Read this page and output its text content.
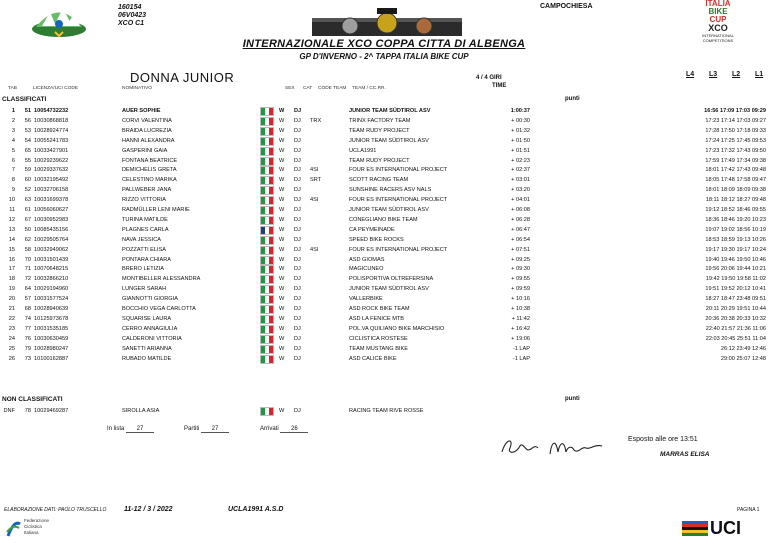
160154
06V0423
XCO C1
CAMPOCHIESA	ITALIA
BIKE
CUP
XCO
INTERNATIONAL
COMPETITIONS
INTERNAZIONALE XCO COPPA CITTA DI ALBENGA
GP D'INVERNO - 2^ TAPPA ITALIA BIKE CUP
DONNA JUNIOR	4 / 4 GIRI
TIME
L4 L3 L2 L1
TAB	LICENZA/UCI CODE	NOMINATIVO	SEX CAT CODE TEAM TEAM / CC.RR.
CLASSIFICATI	punti
1	51 10054732232	AUER SOPHIE	W DJ	JUNIOR TEAM SÜDTIROL ASV	1:00:37	16:56 17:09 17:03 09:29
2	56 10030868818	CORVI VALENTINA	W DJ TRX	TRINX FACTORY TEAM	+ 00:30	17:23 17:14 17:03 09:27
3	53 10028924774	BRAIDA LUCREZIA	W DJ	TEAM RUDY PROJECT	+ 01:32	17:28 17:50 17:18 09:33
4	54 10055241783	HANNI ALEXANDRA	W DJ	JUNIOR TEAM SÜDTIROL ASV	+ 01:50	17:24 17:25 17:45 09:53
5	65 10033427901	GASPERINI GAIA	W DJ	UCLA1991	+ 01:51	17:23 17:32 17:43 09:50
6	55 10029239622	FONTANA BEATRICE	W DJ	TEAM RUDY PROJECT	+ 02:23	17:59 17:49 17:34 09:38
7	59 10029337632	DEMICHELIS GRETA	W DJ 4SI	FOUR ES INTERNATIONAL PROJECT	+ 02:37	18:01 17:42 17:43 09:48
8	60 10032195492	CELESTINO MARIKA	W DJ SRT	SCOTT RACING TEAM	+ 03:01	18:05 17:48 17:58 09:47
9	52 10032706158	PALLWEBER JANA	W DJ	SUNSHINE RACERS ASV NALS	+ 03:20	18:01 18:09 18:09 09:38
10	63 10031699378	RIZZO VITTORIA	W DJ 4SI	FOUR ES INTERNATIONAL PROJECT	+ 04:01	18:11 18:12 18:27 09:48
11	61 10056060627	RADMÜLLER LENI MARIE	W DJ	JUNIOR TEAM SÜDTIROL ASV	+ 06:08	19:12 18:52 18:46 09:55
12	67 10030952983	TURINA MATILDE	W DJ	CONEGLIANO BIKE TEAM	+ 06:28	18:36 18:46 19:20 10:23
13	50 10085435156	PLAGNES CARLA	W DJ	CA PEYMEINADE	+ 06:47	19:07 19:02 18:56 10:19
14	62 10029505764	NAVA JESSICA	W DJ	SPEED BIKE ROCKS	+ 06:54	18:53 18:59 19:13 10:26
15	58 10032949062	POZZATTI ELISA	W DJ 4SI	FOUR ES INTERNATIONAL PROJECT	+ 07:51	19:17 19:30 19:17 10:24
16	70 10031501439	PONTARA CHIARA	W DJ	ASD GIOMAS	+ 09:25	19:40 19:46 19:50 10:46
17	71 10070648215	BRERO LETIZIA	W DJ	MAGICUNEO	+ 09:30	19:56 20:06 19:44 10:21
18	72 10032866210	MONTIBELLER ALESSANDRA	W DJ	POLISPORTIVA OLTREFERSINA	+ 09:55	19:42 19:50 19:58 11:02
19	64 10029194960	LUNGER SARAH	W DJ	JUNIOR TEAM SÜDTIROL ASV	+ 09:59	19:51 19:52 20:12 10:41
20	57 10031577524	GIANNOTTI GIORGIA	W DJ	VALLERBIKE	+ 10:16	18:27 18:47 23:48 09:51
21	68 10028940639	BOCCHIO VEGA CARLOTTA	W DJ	ASD ROCK BIKE TEAM	+ 10:38	20:11 20:29 19:51 10:44
22	74 10125973678	SQUARISE LAURA	W DJ	ASD LA FENICE MTB	+ 11:42	20:36 20:38 20:33 10:32
23	77 10031535185	CERRO ANNAGIULIA	W DJ	POL.VA QUILIANO BIKE MARCHISIO	+ 16:42	22:40 21:57 21:36 11:06
24	76 10030630459	CALDERONI VITTORIA	W DJ	CICLISTICA ROSTESE	+ 19:06	22:03 20:45 25:51 11:04
25	79 10028980247	SANETTI ARIANNA	W DJ	TEAM MUSTANG BIKE	-1 LAP	26:12 23:49 12:46
26	73 10100162887	RUBADO MATILDE	W DJ	ASD CALICE BIKE	-1 LAP	29:00 25:07 12:48
NON CLASSIFICATI	punti
DNF	78 10029469287	SIROLLA ASIA	W DJ	RACING TEAM RIVE ROSSE
In lista 27	Partiti 27	Arrivati 26
Esposto alle ore 13:51
MARRAS ELISA
ELABORAZIONE DATI: PAOLO TRUSCELLO	11-12 / 3 / 2022	UCLA1991 A.S.D	PAGINA 1
Federazione
Ciclistica
Italiana	UCI
